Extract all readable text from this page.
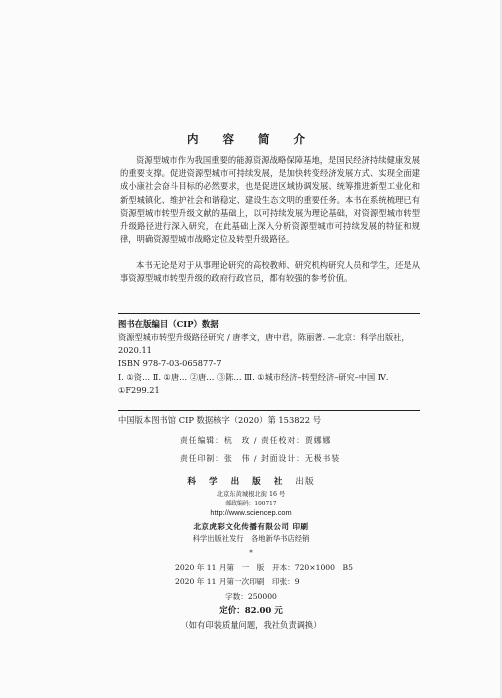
内 容 简 介

资源型城市作为我国重要的能源资源战略保障基地，是国民经济持续健康发展的重要支撑。促进资源型城市可持续发展，是加快转变经济发展方式、实现全面建成小康社会奋斗目标的必然要求，也是促进区域协调发展、统筹推进新型工业化和新型城镇化、维护社会和谐稳定、建设生态文明的重要任务。本书在系统梳理已有资源型城市转型升级文献的基础上，以可持续发展为理论基础，对资源型城市转型升级路径进行深入研究，在此基础上深入分析资源型城市可持续发展的特征和规律，明确资源型城市战略定位及转型升级路径。

本书无论是对于从事理论研究的高校教师、研究机构研究人员和学生，还是从事资源型城市转型升级的政府行政官员，都有较强的参考价值。

图书在版编目（CIP）数据

资源型城市转型升级路径研究 / 唐孝文，唐中君，陈丽著. —北京：科学出版社，2020.11

ISBN 978-7-03-065877-7

Ⅰ. ①资… Ⅱ. ①唐… ②唐… ③陈… Ⅲ. ①城市经济–转型经济–研究–中国 Ⅳ. ①F299.21

中国版本图书馆 CIP 数据核字（2020）第 153822 号
责任编辑：杭　玫 / 责任校对：贾娜娜
责任印制：张　伟 / 封面设计：无极书装
科 学 出 版 社 出版
北京东黄城根北街 16 号
邮政编码：100717
http://www.sciencep.com
北京虎彩文化传播有限公司 印刷
科学出版社发行　各地新华书店经销
*
2020 年 11 月第　一　版　开本：720×1000　B5
2020 年 11 月第一次印刷　印张：9
字数：250000
定价：82.00 元
（如有印装质量问题，我社负责调换）
